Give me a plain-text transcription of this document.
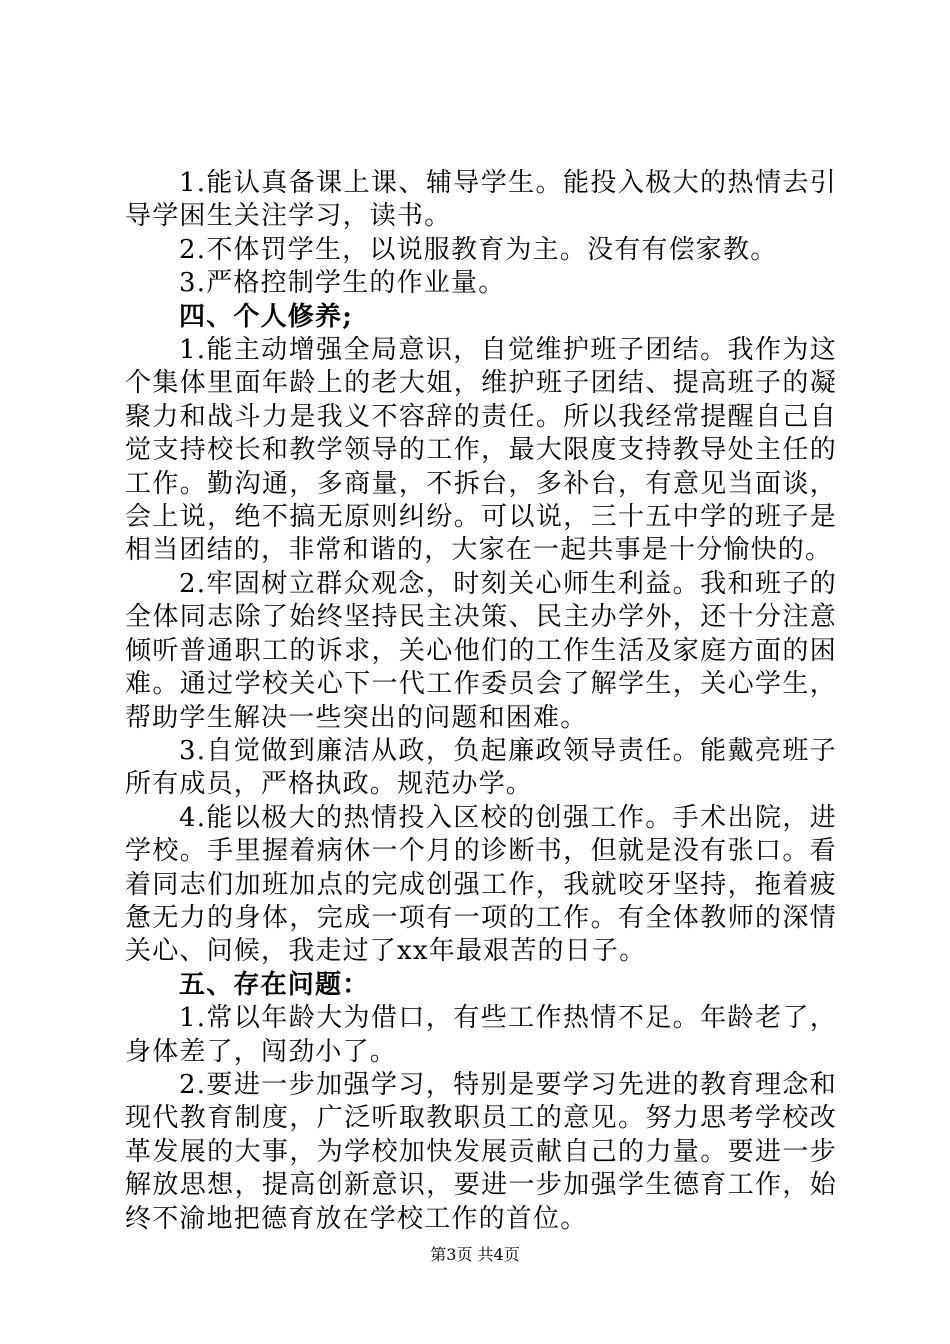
1.能认真备课上课、辅导学生。能投入极大的热情去引导学困生关注学习，读书。

2.不体罚学生，以说服教育为主。没有有偿家教。

3.严格控制学生的作业量。

四、个人修养;

1.能主动增强全局意识，自觉维护班子团结。我作为这个集体里面年龄上的老大姐，维护班子团结、提高班子的凝聚力和战斗力是我义不容辞的责任。所以我经常提醒自己自觉支持校长和教学领导的工作，最大限度支持教导处主任的工作。勤沟通，多商量，不拆台，多补台，有意见当面谈，会上说，绝不搞无原则纠纷。可以说，三十五中学的班子是相当团结的，非常和谐的，大家在一起共事是十分愉快的。

2.牢固树立群众观念，时刻关心师生利益。我和班子的全体同志除了始终坚持民主决策、民主办学外，还十分注意倾听普通职工的诉求，关心他们的工作生活及家庭方面的困难。通过学校关心下一代工作委员会了解学生，关心学生，帮助学生解决一些突出的问题和困难。

3.自觉做到廉洁从政，负起廉政领导责任。能戴亮班子所有成员，严格执政。规范办学。

4.能以极大的热情投入区校的创强工作。手术出院，进学校。手里握着病休一个月的诊断书，但就是没有张口。看着同志们加班加点的完成创强工作，我就咬牙坚持，拖着疲惫无力的身体，完成一项有一项的工作。有全体教师的深情关心、问候，我走过了xx年最艰苦的日子。

五、存在问题：

1.常以年龄大为借口，有些工作热情不足。年龄老了，身体差了，闯劲小了。

2.要进一步加强学习，特别是要学习先进的教育理念和现代教育制度，广泛听取教职员工的意见。努力思考学校改革发展的大事，为学校加快发展贡献自己的力量。要进一步解放思想，提高创新意识，要进一步加强学生德育工作，始终不渝地把德育放在学校工作的首位。

第3页 共4页
